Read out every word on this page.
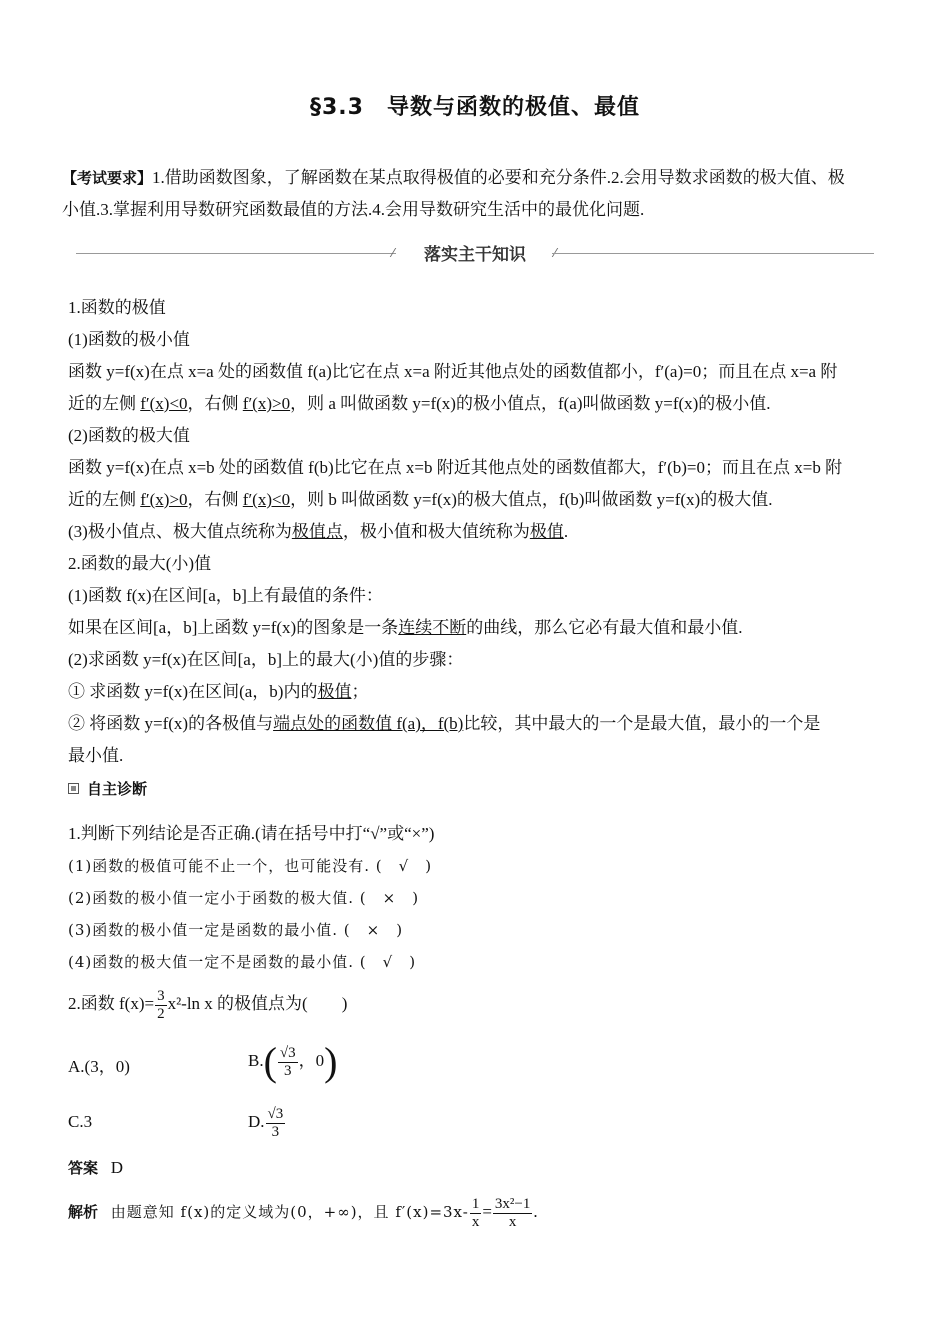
§3.3　导数与函数的极值、最值
【考试要求】1.借助函数图象，了解函数在某点取得极值的必要和充分条件.2.会用导数求函数的极大值、极
小值.3.掌握利用导数研究函数最值的方法.4.会用导数研究生活中的最优化问题.
⁄	落实主干知识
1.函数的极值
(1)函数的极小值
函数 y=f(x)在点 x=a 处的函数值 f(a)比它在点 x=a 附近其他点处的函数值都小，f′(a)=0；而且在点 x=a 附
近的左侧 f′(x)<0，右侧 f′(x)>0，则 a 叫做函数 y=f(x)的极小值点，f(a)叫做函数 y=f(x)的极小值.
(2)函数的极大值
函数 y=f(x)在点 x=b 处的函数值 f(b)比它在点 x=b 附近其他点处的函数值都大，f′(b)=0；而且在点 x=b 附
近的左侧 f′(x)>0，右侧 f′(x)<0，则 b 叫做函数 y=f(x)的极大值点，f(b)叫做函数 y=f(x)的极大值.
(3)极小值点、极大值点统称为极值点，极小值和极大值统称为极值.
2.函数的最大(小)值
(1)函数 f(x)在区间[a，b]上有最值的条件：
如果在区间[a，b]上函数 y=f(x)的图象是一条连续不断的曲线，那么它必有最大值和最小值.
(2)求函数 y=f(x)在区间[a，b]上的最大(小)值的步骤：
① 求函数 y=f(x)在区间(a，b)内的极值；
② 将函数 y=f(x)的各极值与端点处的函数值 f(a)，f(b)比较，其中最大的一个是最大值，最小的一个是
最小值.
自主诊断
1.判断下列结论是否正确.(请在括号中打“√”或“×”)
(1)函数的极值可能不止一个，也可能没有. (　√　)
(2)函数的极小值一定小于函数的极大值. (　×　)
(3)函数的极小值一定是函数的最小值. (　×　)
(4)函数的极大值一定不是函数的最小值. (　√　)
2.函数 $f(x)= \frac{3}{2} x^2-\ln$ x 的极值点为(　　)
A.(3，0)	$B.( \frac{√3}{3}$ ，0)
C.3	D. $\frac{√3}{3}$
答案 D
解析 由题意知 f(x)的定义域为(0，+∞)，且 $f'(x)=3x- \frac{1}{x} = \frac{\text{3x²−1}}{x}$ .
